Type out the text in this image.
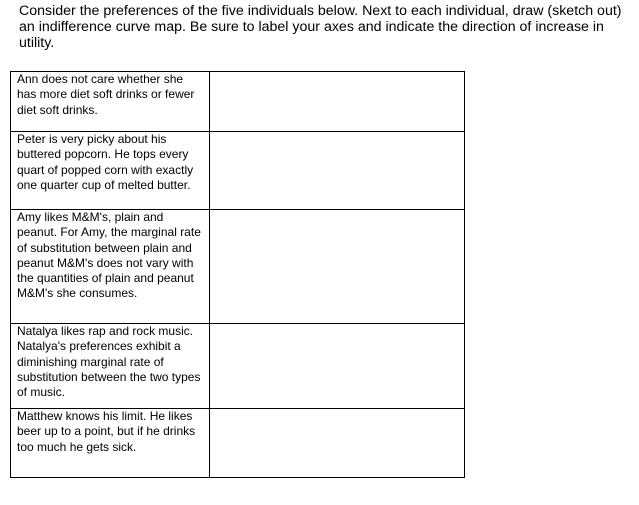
Consider the preferences of the five individuals below. Next to each individual, draw (sketch out) an indifference curve map. Be sure to label your axes and indicate the direction of increase in utility.

Ann does not care whether she has more diet soft drinks or fewer diet soft drinks.	
Peter is very picky about his buttered popcorn. He tops every quart of popped corn with exactly one quarter cup of melted butter.	
Amy likes M&M's, plain and peanut. For Amy, the marginal rate of substitution between plain and peanut M&M's does not vary with the quantities of plain and peanut M&M's she consumes.	
Natalya likes rap and rock music. Natalya's preferences exhibit a diminishing marginal rate of substitution between the two types of music.	
Matthew knows his limit. He likes beer up to a point, but if he drinks too much he gets sick.	
